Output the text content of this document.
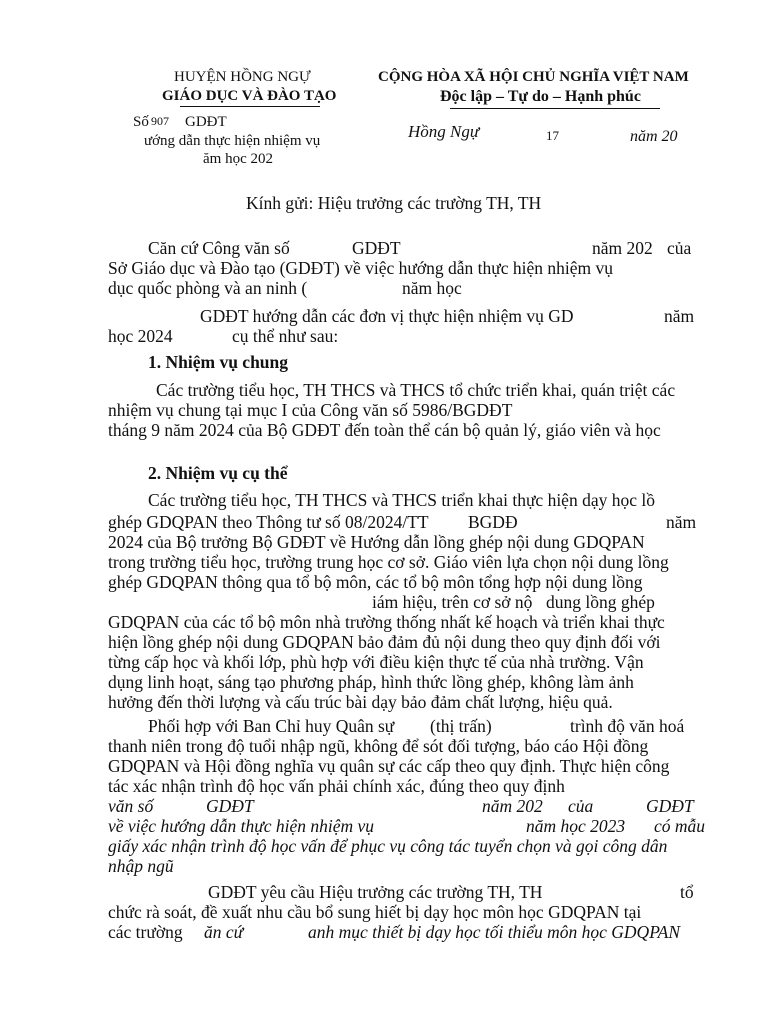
HUYỆN HỒNG NGỰ
GIÁO DỤC VÀ ĐÀO TẠO
Số 907 GDĐT
ướng dẫn thực hiện nhiệm vụ
ăm học 202
CỘNG HÒA XÃ HỘI CHỦ NGHĨA VIỆT NAM
Độc lập – Tự do – Hạnh phúc
Hồng Ngự	17	năm 20
Kính gửi: Hiệu trưởng các trường TH, TH
Căn cứ Công văn số	GDĐT	năm 202 của
Sở Giáo dục và Đào tạo (GDĐT) về việc hướng dẫn thực hiện nhiệm vụ
dục quốc phòng và an ninh (	năm học
GDĐT hướng dẫn các đơn vị thực hiện nhiệm vụ GD	năm
học 2024	cụ thể như sau:
1. Nhiệm vụ chung
Các trường tiểu học, TH THCS và THCS tổ chức triển khai, quán triệt các
nhiệm vụ chung tại mục I của Công văn số 5986/BGDĐT
tháng 9 năm 2024 của Bộ GDĐT đến toàn thể cán bộ quản lý, giáo viên và học
2. Nhiệm vụ cụ thể
Các trường tiểu học, TH THCS và THCS triển khai thực hiện dạy học lồ
ghép GDQPAN theo Thông tư số 08/2024/TT BGDĐ	năm
2024 của Bộ trưởng Bộ GDĐT về Hướng dẫn lồng ghép nội dung GDQPAN
trong trường tiểu học, trường trung học cơ sở. Giáo viên lựa chọn nội dung lồng
ghép GDQPAN thông qua tổ bộ môn, các tổ bộ môn tổng hợp nội dung lồng
iám hiệu, trên cơ sở nộ dung lồng ghép
GDQPAN của các tổ bộ môn nhà trường thống nhất kế hoạch và triển khai thực
hiện lồng ghép nội dung GDQPAN bảo đảm đủ nội dung theo quy định đối với
từng cấp học và khối lớp, phù hợp với điều kiện thực tế của nhà trường. Vận
dụng linh hoạt, sáng tạo phương pháp, hình thức lồng ghép, không làm ảnh
hưởng đến thời lượng và cấu trúc bài dạy bảo đảm chất lượng, hiệu quả.
Phối hợp với Ban Chỉ huy Quân sự (thị trấn)	trình độ văn hoá
thanh niên trong độ tuổi nhập ngũ, không để sót đối tượng, báo cáo Hội đồng
GDQPAN và Hội đồng nghĩa vụ quân sự các cấp theo quy định. Thực hiện công
tác xác nhận trình độ học vấn phải chính xác, đúng theo quy định
văn số	GDĐT	năm 202 của	GDĐT
về việc hướng dẫn thực hiện nhiệm vụ	năm học 2023 có mẫu
giấy xác nhận trình độ học vấn để phục vụ công tác tuyển chọn và gọi công dân
nhập ngũ
GDĐT yêu cầu Hiệu trưởng các trường TH, TH	tổ
chức rà soát, đề xuất nhu cầu bổ sung hiết bị dạy học môn học GDQPAN tại
các trường ăn cứ	anh mục thiết bị dạy học tối thiểu môn học GDQPAN
